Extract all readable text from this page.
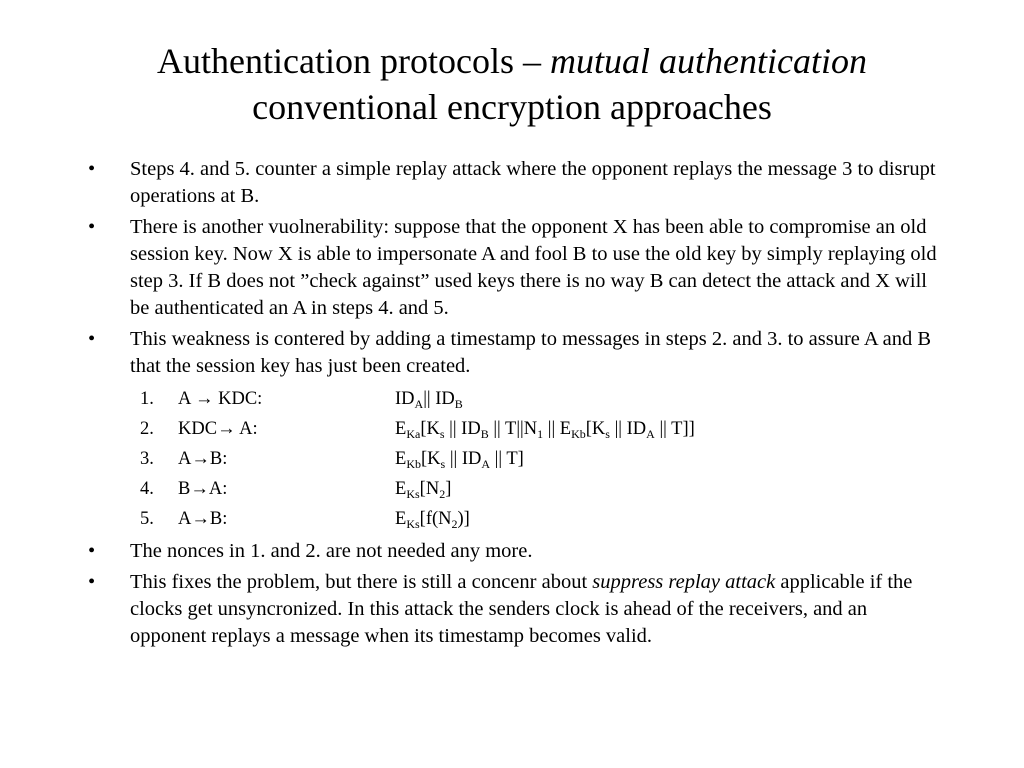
Authentication protocols – mutual authentication
conventional encryption approaches
•	Steps 4. and 5. counter a simple replay attack where the opponent replays the message 3 to disrupt operations at B.
•	There is another vuolnerability: suppose that the opponent X has been able to compromise an old session key. Now X is able to impersonate A and fool B to use the old key by simply replaying old step 3. If B does not ”check against” used keys there is no way B can detect the attack and X will be authenticated an A in steps 4. and 5.
•	This weakness is contered by adding a timestamp to messages in steps 2. and 3. to assure A and B that the session key has just been created.
1. A → KDC:	$ID_A||$ $ID_B$
2. KDC→ A:	$E_{Ka}[K_s$ || $ID_B$ || $T||N_1$ || $E_{Kb}[K_s$ || $ID_A$ || T]]
3. A→B:	$E_{Kb}[K_s$ || $ID_A$ || T]
4. B→A:	$E_{Ks}[N_2]$
5. A→B:	$E_{Ks}[f(N_2)]$
•	The nonces in 1. and 2. are not needed any more.
•	This fixes the problem, but there is still a concenr about suppress replay attack applicable if the clocks get unsyncronized. In this attack the senders clock is ahead of the receivers, and an opponent replays a message when its timestamp becomes valid.
